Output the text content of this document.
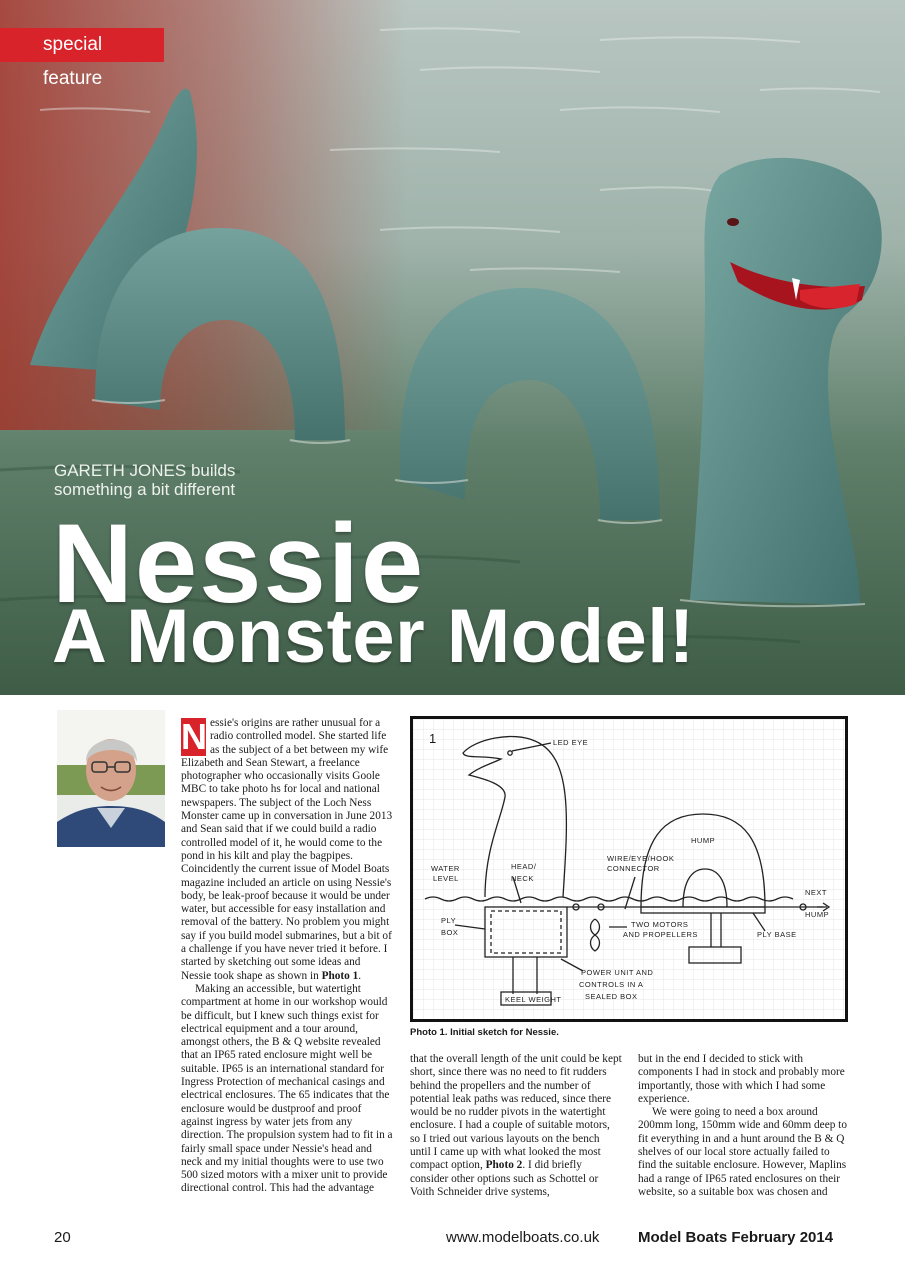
special feature
GARETH JONES builds
something a bit different
Nessie
A Monster Model!

N essie's origins are rather unusual for a radio controlled model. She started life as the subject of a bet between my wife Elizabeth and Sean Stewart, a freelance photographer who occasionally visits Goole MBC to take photo hs for local and national newspapers. The subject of the Loch Ness Monster came up in conversation in June 2013 and Sean said that if we could build a radio controlled model of it, he would come to the pond in his kilt and play the bagpipes. Coincidently the current issue of Model Boats magazine included an article on using Nessie's body, be leak-proof because it would be under water, but accessible for easy installation and removal of the battery. No problem you might say if you build model submarines, but a bit of a challenge if you have never tried it before. I started by sketching out some ideas and Nessie took shape as shown in Photo 1.

Making an accessible, but watertight compartment at home in our workshop would be difficult, but I knew such things exist for electrical equipment and a tour around, amongst others, the B & Q website revealed that an IP65 rated enclosure might well be suitable. IP65 is an international standard for Ingress Protection of mechanical casings and electrical enclosures. The 65 indicates that the enclosure would be dustproof and proof against ingress by water jets from any direction. The propulsion system had to fit in a fairly small space under Nessie's head and neck and my initial thoughts were to use two 500 sized motors with a mixer unit to provide directional control. This had the advantage

LED EYE
WATER
LEVEL
HEAD/
NECK
WIRE/EYE/HOOK
CONNECTOR
HUMP
NEXT
HUMP
PLY
BOX
TWO MOTORS
AND PROPELLERS	PLY BASE
POWER UNIT AND
CONTROLS IN A
SEALED BOX
KEEL WEIGHT
1
Photo 1. Initial sketch for Nessie.

that the overall length of the unit could be kept short, since there was no need to fit rudders behind the propellers and the number of potential leak paths was reduced, since there would be no rudder pivots in the watertight enclosure. I had a couple of suitable motors, so I tried out various layouts on the bench until I came up with what looked the most compact option, Photo 2. I did briefly consider other options such as Schottel or Voith Schneider drive systems,

but in the end I decided to stick with components I had in stock and probably more importantly, those with which I had some experience.

We were going to need a box around 200mm long, 150mm wide and 60mm deep to fit everything in and a hunt around the B & Q shelves of our local store actually failed to find the suitable enclosure. However, Maplins had a range of IP65 rated enclosures on their website, so a suitable box was chosen and

20	www.modelboats.co.uk	Model Boats February 2014
